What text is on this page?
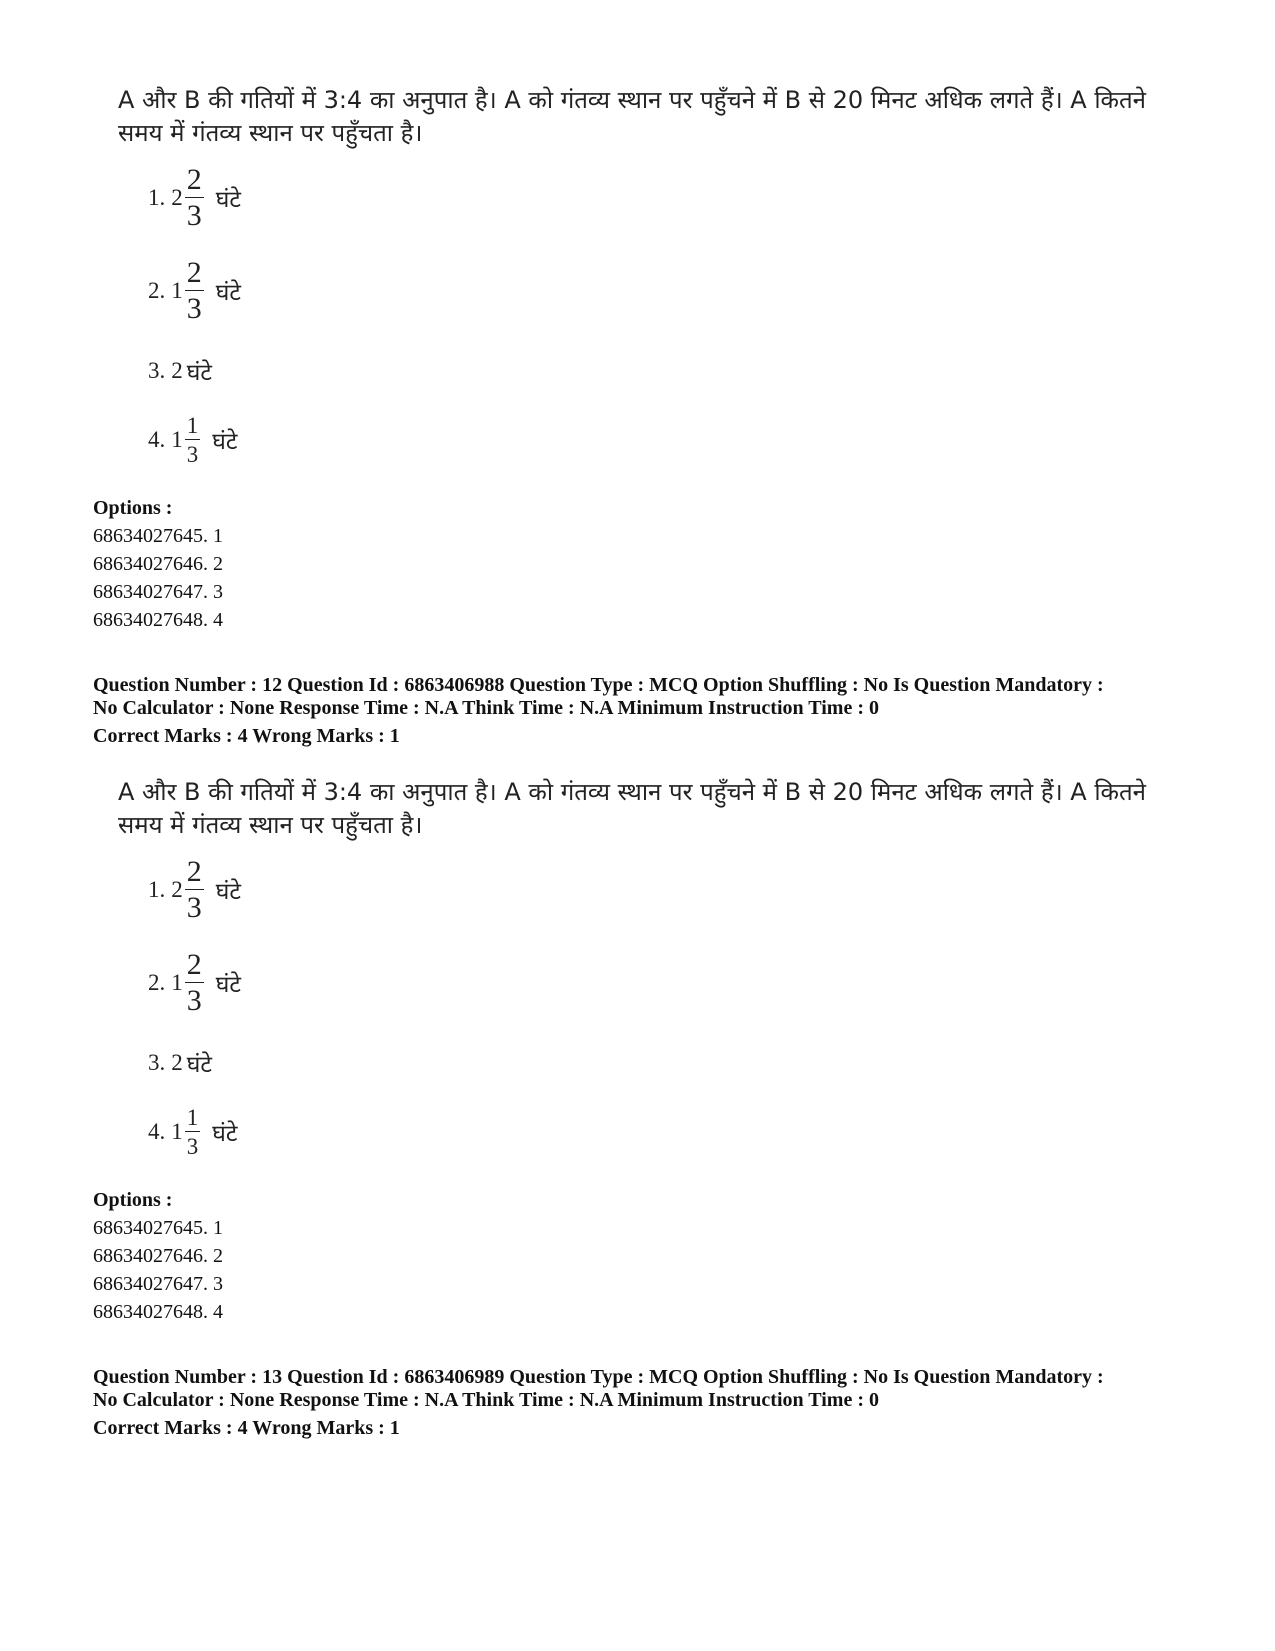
A और B की गतियों में 3:4 का अनुपात है। A को गंतव्य स्थान पर पहुँचने में B से 20 मिनट अधिक लगते हैं। A कितने समय में गंतव्य स्थान पर पहुँचता है।
1. $2 \frac{2}{3}$ घंटे
2. $1 \frac{2}{3}$ घंटे
3. 2 घंटे
4. $1 \frac{1}{3}$ घंटे
Options :
68634027645. 1
68634027646. 2
68634027647. 3
68634027648. 4
Question Number : 12 Question Id : 6863406988 Question Type : MCQ Option Shuffling : No Is Question Mandatory :
No Calculator : None Response Time : N.A Think Time : N.A Minimum Instruction Time : 0
Correct Marks : 4 Wrong Marks : 1
A और B की गतियों में 3:4 का अनुपात है। A को गंतव्य स्थान पर पहुँचने में B से 20 मिनट अधिक लगते हैं। A कितने समय में गंतव्य स्थान पर पहुँचता है।
1. $2 \frac{2}{3}$ घंटे
2. $1 \frac{2}{3}$ घंटे
3. 2 घंटे
4. $1 \frac{1}{3}$ घंटे
Options :
68634027645. 1
68634027646. 2
68634027647. 3
68634027648. 4
Question Number : 13 Question Id : 6863406989 Question Type : MCQ Option Shuffling : No Is Question Mandatory :
No Calculator : None Response Time : N.A Think Time : N.A Minimum Instruction Time : 0
Correct Marks : 4 Wrong Marks : 1
